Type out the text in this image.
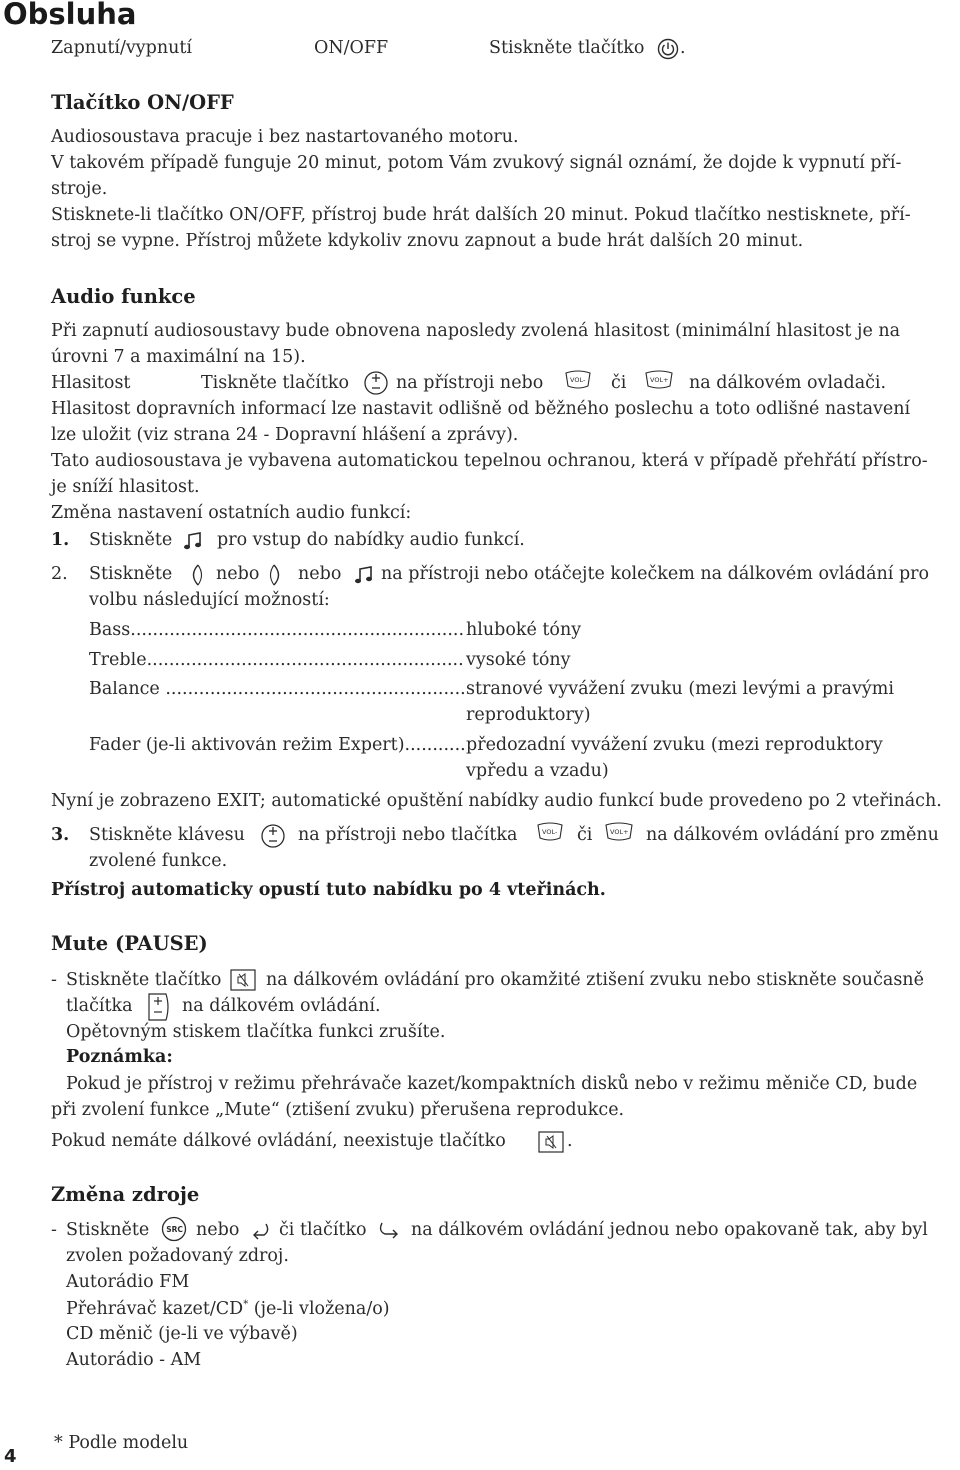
Obsluha
Zapnutí/vypnutí	ON/OFF	Stiskněte tlačítko .
Tlačítko ON/OFF
Audiosoustava pracuje i bez nastartovaného motoru.
V takovém případě funguje 20 minut, potom Vám zvukový signál oznámí, že dojde k vypnutí pří-
stroje.
Stisknete-li tlačítko ON/OFF, přístroj bude hrát dalších 20 minut. Pokud tlačítko nestisknete, pří-
stroj se vypne. Přístroj můžete kdykoliv znovu zapnout a bude hrát dalších 20 minut.
Audio funkce
Při zapnutí audiosoustavy bude obnovena naposledy zvolená hlasitost (minimální hlasitost je na
úrovni 7 a maximální na 15).
Hlasitost	Tiskněte tlačítko	na přístroji nebo	VOL- či	VOL+ na dálkovém ovladači.
Hlasitost dopravních informací lze nastavit odlišně od běžného poslechu a toto odlišné nastavení
lze uložit (viz strana 24 - Dopravní hlášení a zprávy).
Tato audiosoustava je vybavena automatickou tepelnou ochranou, která v případě přehřátí přístro-
je sníží hlasitost.
Změna nastavení ostatních audio funkcí:
1. Stiskněte	pro vstup do nabídky audio funkcí.
2. Stiskněte	nebo nebo na přístroji nebo otáčejte kolečkem na dálkovém ovládání pro
volbu následující možností:
Bass .....	hluboké tóny
Treble .....	vysoké tóny
Balance .....	stranové vyvážení zvuku (mezi levými a pravými
reproduktory)
Fader (je-li aktivován režim Expert) .....	předozadní vyvážení zvuku (mezi reproduktory
vpředu a vzadu)
Nyní je zobrazeno EXIT; automatické opuštění nabídky audio funkcí bude provedeno po 2 vteřinách.
3. Stiskněte klávesu	na přístroji nebo tlačítka	VOL- či	VOL+ na dálkovém ovládání pro změnu
zvolené funkce.
Přístroj automaticky opustí tuto nabídku po 4 vteřinách.
Mute (PAUSE)
- Stiskněte tlačítko	na dálkovém ovládání pro okamžité ztišení zvuku nebo stiskněte současně
tlačítka	na dálkovém ovládání.
Opětovným stiskem tlačítka funkci zrušíte.
Poznámka:
Pokud je přístroj v režimu přehrávače kazet/kompaktních disků nebo v režimu měniče CD, bude
při zvolení funkce „Mute“ (ztišení zvuku) přerušena reprodukce.
Pokud nemáte dálkové ovládání, neexistuje tlačítko	.
Změna zdroje
- Stiskněte SRC nebo či tlačítko	na dálkovém ovládání jednou nebo opakovaně tak, aby byl
zvolen požadovaný zdroj.
Autorádio FM
Přehrávač kazet/CD* (je-li vložena/o)
CD měnič (je-li ve výbavě)
Autorádio - AM
4
* Podle modelu
